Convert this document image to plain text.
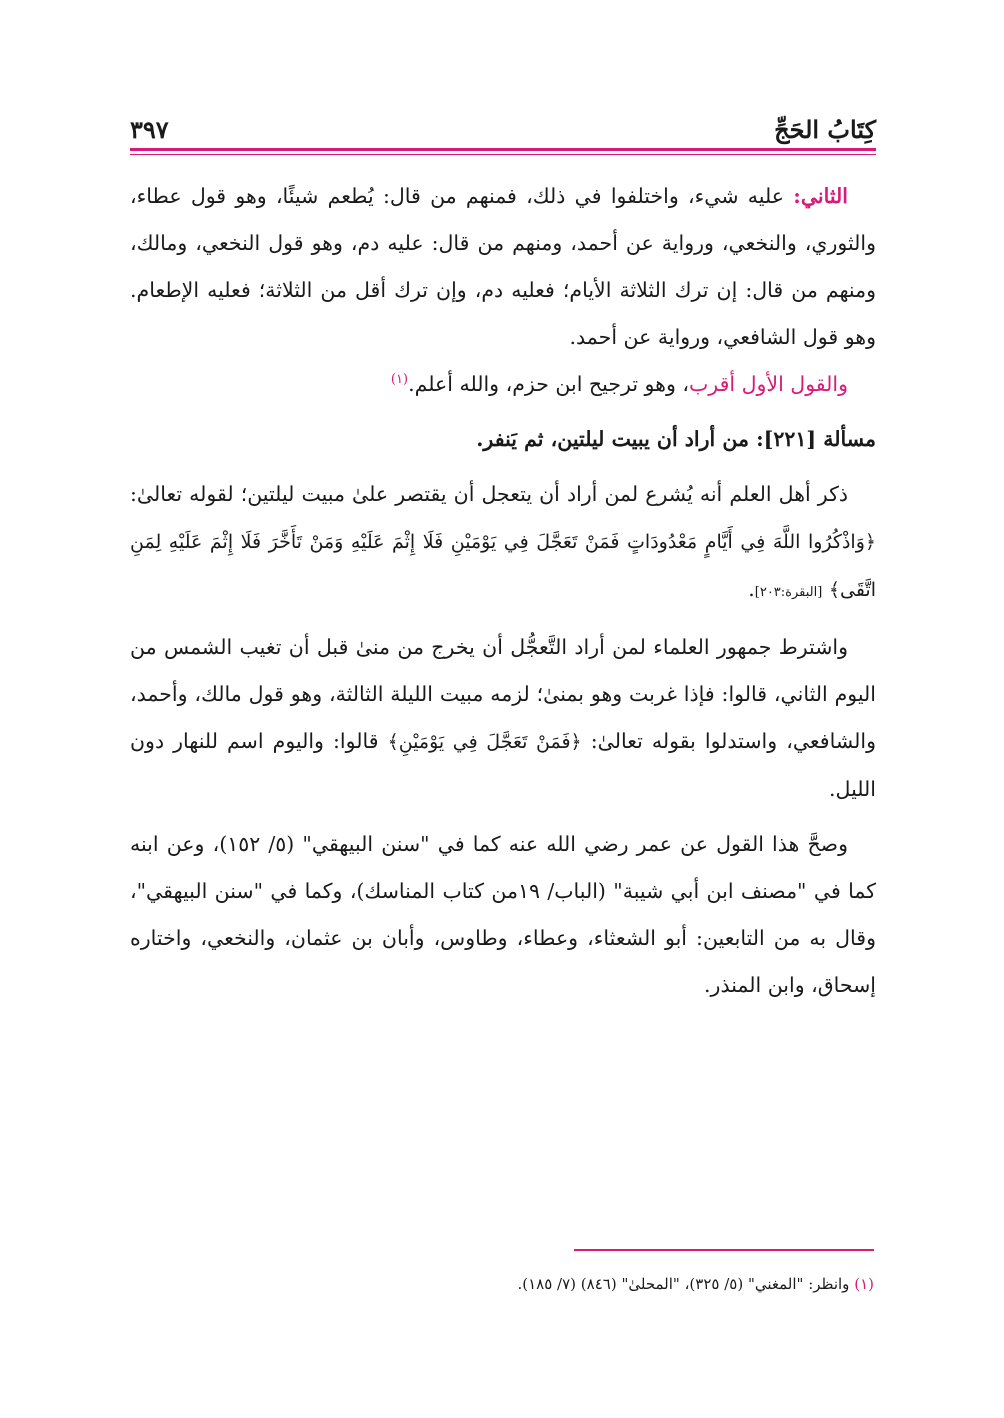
كِتَابُ الحَجِّ
٣٩٧

الثاني: عليه شيء، واختلفوا في ذلك، فمنهم من قال: يُطعم شيئًا، وهو قول عطاء، والثوري، والنخعي، ورواية عن أحمد، ومنهم من قال: عليه دم، وهو قول النخعي، ومالك، ومنهم من قال: إن ترك الثلاثة الأيام؛ فعليه دم، وإن ترك أقل من الثلاثة؛ فعليه الإطعام. وهو قول الشافعي، ورواية عن أحمد.

والقول الأول أقرب، وهو ترجيح ابن حزم، والله أعلم.$^{(١)}$

مسألة [٢٢١]: من أراد أن يبيت ليلتين، ثم يَنفر.

ذكر أهل العلم أنه يُشرع لمن أراد أن يتعجل أن يقتصر علىٰ مبيت ليلتين؛ لقوله تعالىٰ: ﴿وَاذْكُرُوا اللَّهَ فِي أَيَّامٍ مَعْدُودَاتٍ فَمَنْ تَعَجَّلَ فِي يَوْمَيْنِ فَلَا إِثْمَ عَلَيْهِ وَمَنْ تَأَخَّرَ فَلَا إِثْمَ عَلَيْهِ لِمَنِ اتَّقَى﴾ [البقرة:٢٠٣].

واشترط جمهور العلماء لمن أراد التَّعجُّل أن يخرج من منىٰ قبل أن تغيب الشمس من اليوم الثاني، قالوا: فإذا غربت وهو بمنىٰ؛ لزمه مبيت الليلة الثالثة، وهو قول مالك، وأحمد، والشافعي، واستدلوا بقوله تعالىٰ: ﴿فَمَنْ تَعَجَّلَ فِي يَوْمَيْنِ﴾ قالوا: واليوم اسم للنهار دون الليل.

وصحَّ هذا القول عن عمر رضي الله عنه كما في "سنن البيهقي" (٥/ ١٥٢)، وعن ابنه كما في "مصنف ابن أبي شيبة" (الباب/ ١٩من كتاب المناسك)، وكما في "سنن البيهقي"، وقال به من التابعين: أبو الشعثاء، وعطاء، وطاوس، وأبان بن عثمان، والنخعي، واختاره إسحاق، وابن المنذر.

(١) وانظر: "المغني" (٥/ ٣٢٥)، "المحلىٰ" (٨٤٦) (٧/ ١٨٥).
